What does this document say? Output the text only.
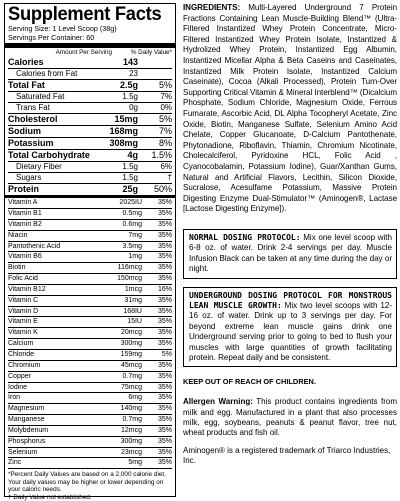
Supplement Facts
Serving Size: 1 Level Scoop (38g)
Servings Per Container: 60
Amount Per Serving	% Daily Value*
Calories	143
Calories from Fat	23
Total Fat	2.5g	5%
Saturated Fat	1.5g	7%
Trans Fat	0g	0%
Cholesterol	15mg	5%
Sodium	168mg	7%
Potassium	308mg	8%
Total Carbohydrate	4g	1.5%
Dietary Fiber	1.5g	6%
Sugars	1.5g	†
Protein	25g	50%
Vitamin A	2025IU	35%
Vitamin B1	0.5mg	35%
Vitamin B2	0.6mg	35%
Niacin	7mg	35%
Pantothenic Acid	3.5mg	35%
Vitamin B6	1mg	35%
Biotin	116mcg	35%
Folic Acid	150mcg	35%
Vitamin B12	1mcg	16%
Vitamin C	31mg	35%
Vitamin D	168IU	35%
Vitamin E	15IU	35%
Vitamin K	20mcg	35%
Calcium	300mg	35%
Chloride	159mg	5%
Chromium	45mcg	35%
Copper	0.7mg	35%
Iodine	75mcg	35%
Iron	6mg	35%
Magnesium	140mg	35%
Manganese	0.7mg	35%
Molybdenum	12mcg	35%
Phosphorus	300mg	35%
Selenium	23mcg	35%
Zinc	5mg	35%
*Percent Daily Values are based on a 2,000 calorie diet. Your daily values may be higher or lower depending on your caloric needs.
† Daily Value not established.
INGREDIENTS: Multi-Layered Underground 7 Protein Fractions Containing Lean Muscle-Building Blend™ (Ultra-Filtered Instantized Whey Protein Concentrate, Micro-Filtered Instantized Whey Protein Isolate, Instantized & Hydrolized Whey Protein, Instantized Egg Albumin, Instantized Micellar Alpha & Beta Caseins and Caseinates, Instantized Milk Protein Isolate, Instantized Calcium Caseinate), Cocoa (Alkali Processed), Protein Turn-Over Supporting Critical Vitamin & Mineral Interblend™ (Dicalcium Phosphate, Sodium Chloride, Magnesium Oxide, Ferrous Fumarate, Ascorbic Acid, DL Alpha Tocopheryl Acetate, Zinc Oxide, Biotin, Manganese Sulfate, Selenium Amino Acid Chelate, Copper Glucanoate, D-Calcium Pantothenate, Phytonadione, Riboflavin, Thiamin, Chromium Nicotinate, Cholecalciferol, Pyridoxine HCL, Folic Acid , Cyanocobalamin, Potassium Iodine), Guar/Xanthan Gums, Natural and Artificial Flavors, Lecithin, Silicon Dioxide, Sucralose, Acesulfame Potassium, Massive Protein Digesting Enzyme Dual-Stimulator™ (Aminogen®, Lactase [Lactose Digesting Enzyme]).
NORMAL DOSING PROTOCOL: Mix one level scoop with 6-8 oz. of water. Drink 2-4 servings per day. Muscle Infusion Black can be taken at any time during the day or night.
UNDERGROUND DOSING PROTOCOL FOR MONSTROUS LEAN MUSCLE GROWTH: Mix two level scoops with 12-16 oz. of water. Drink up to 3 servings per day. For beyond extreme lean muscle gains drink one Underground serving prior to going to bed to flush your muscles with large quantities of growth facilitating protein. Repeat daily and be consistent.
KEEP OUT OF REACH OF CHILDREN.
Allergen Warning: This product contains ingredients from milk and egg. Manufactured in a plant that also processes milk, egg, soybeans, peanuts & peanut flavor, tree nut, wheat products and fish oil.
Aminogen® is a registered trademark of Triarco Industries, Inc.
